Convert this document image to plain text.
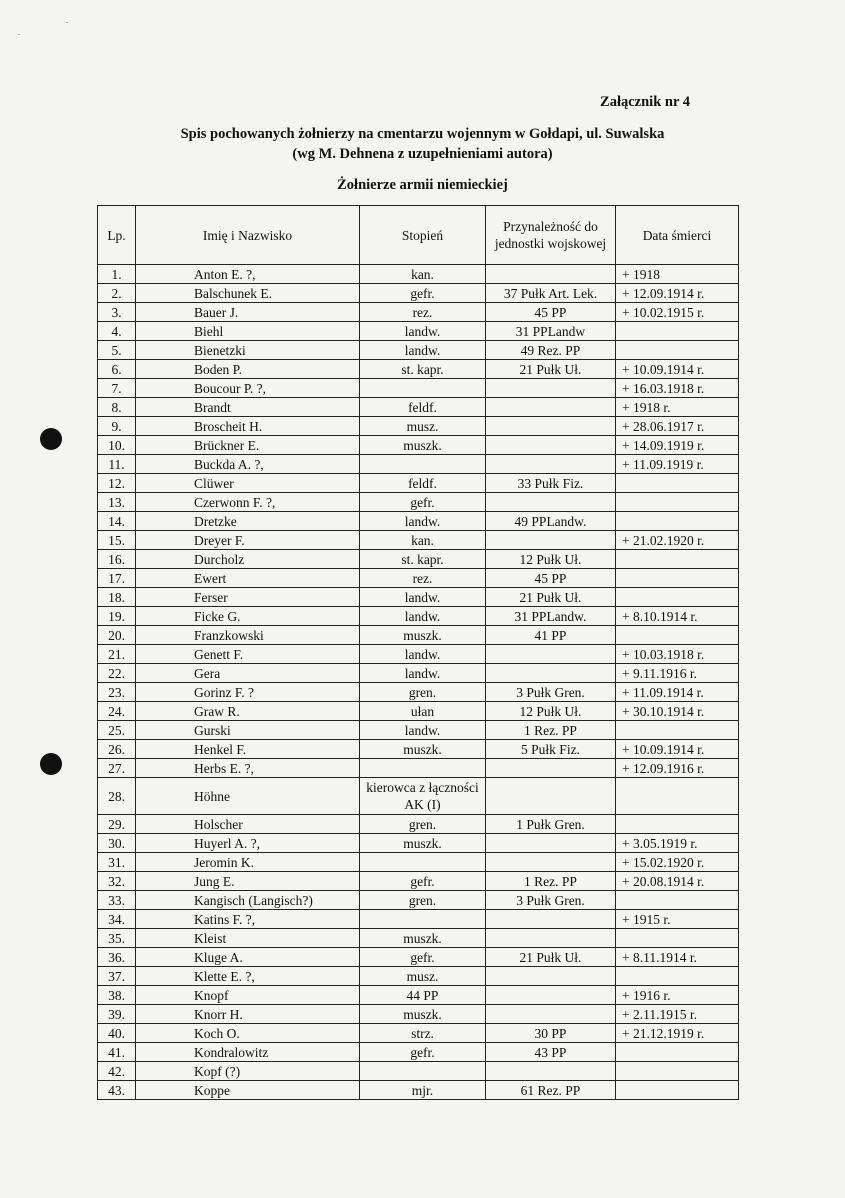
.
.
Załącznik nr 4
Spis pochowanych żołnierzy na cmentarzu wojennym w Gołdapi, ul. Suwalska
(wg M. Dehnena z uzupełnieniami autora)
Żołnierze armii niemieckiej
Lp.	Imię i Nazwisko	Stopień	Przynależność do jednostki wojskowej	Data śmierci
1.	Anton E. ?,	kan.		+ 1918
2.	Balschunek E.	gefr.	37 Pułk Art. Lek.	+ 12.09.1914 r.
3.	Bauer J.	rez.	45 PP	+ 10.02.1915 r.
4.	Biehl	landw.	31 PPLandw	
5.	Bienetzki	landw.	49 Rez. PP	
6.	Boden P.	st. kapr.	21 Pułk Uł.	+ 10.09.1914 r.
7.	Boucour P. ?,			+ 16.03.1918 r.
8.	Brandt	feldf.		+ 1918 r.
9.	Broscheit H.	musz.		+ 28.06.1917 r.
10.	Brückner E.	muszk.		+ 14.09.1919 r.
11.	Buckda A. ?,			+ 11.09.1919 r.
12.	Clüwer	feldf.	33 Pułk Fiz.	
13.	Czerwonn F. ?,	gefr.		
14.	Dretzke	landw.	49 PPLandw.	
15.	Dreyer F.	kan.		+ 21.02.1920 r.
16.	Durcholz	st. kapr.	12 Pułk Uł.	
17.	Ewert	rez.	45 PP	
18.	Ferser	landw.	21 Pułk Uł.	
19.	Ficke G.	landw.	31 PPLandw.	+ 8.10.1914 r.
20.	Franzkowski	muszk.	41 PP	
21.	Genett F.	landw.		+ 10.03.1918 r.
22.	Gera	landw.		+ 9.11.1916 r.
23.	Gorinz F. ?	gren.	3 Pułk Gren.	+ 11.09.1914 r.
24.	Graw R.	ułan	12 Pułk Uł.	+ 30.10.1914 r.
25.	Gurski	landw.	1 Rez. PP	
26.	Henkel F.	muszk.	5 Pułk Fiz.	+ 10.09.1914 r.
27.	Herbs E. ?,			+ 12.09.1916 r.
28.	Höhne	kierowca z łączności AK (I)		
29.	Holscher	gren.	1 Pułk Gren.	
30.	Huyerl A. ?,	muszk.		+ 3.05.1919 r.
31.	Jeromin K.			+ 15.02.1920 r.
32.	Jung E.	gefr.	1 Rez. PP	+ 20.08.1914 r.
33.	Kangisch (Langisch?)	gren.	3 Pułk Gren.	
34.	Katins F. ?,			+ 1915 r.
35.	Kleist	muszk.		
36.	Kluge A.	gefr.	21 Pułk Uł.	+ 8.11.1914 r.
37.	Klette E. ?,	musz.		
38.	Knopf	44 PP		+ 1916 r.
39.	Knorr H.	muszk.		+ 2.11.1915 r.
40.	Koch O.	strz.	30 PP	+ 21.12.1919 r.
41.	Kondralowitz	gefr.	43 PP	
42.	Kopf (?)			
43.	Koppe	mjr.	61 Rez. PP	
